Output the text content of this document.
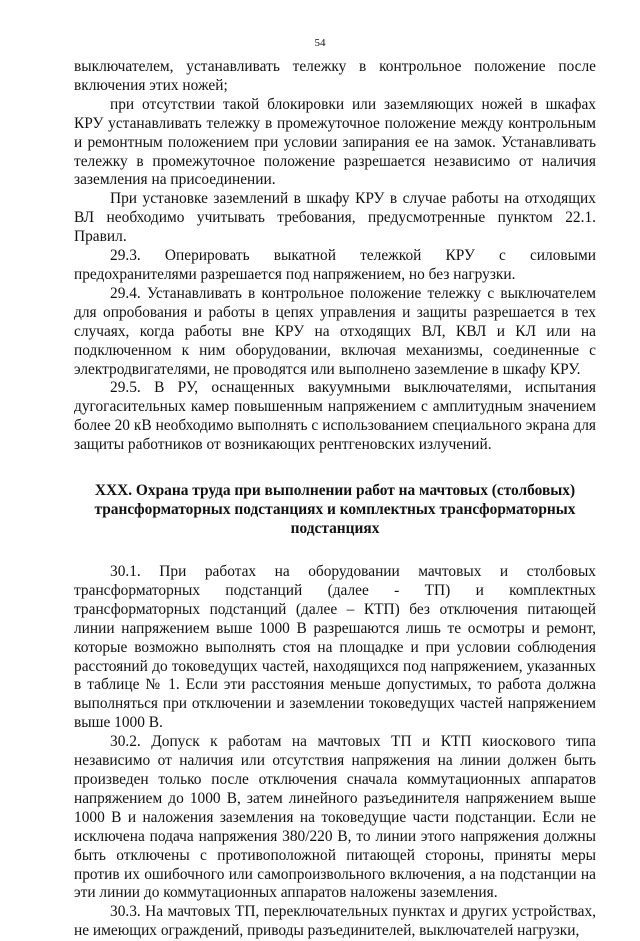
54

выключателем, устанавливать тележку в контрольное положение после включения этих ножей;

при отсутствии такой блокировки или заземляющих ножей в шкафах КРУ устанавливать тележку в промежуточное положение между контрольным и ремонтным положением при условии запирания ее на замок. Устанавливать тележку в промежуточное положение разрешается независимо от наличия заземления на присоединении.

При установке заземлений в шкафу КРУ в случае работы на отходящих ВЛ необходимо учитывать требования, предусмотренные пунктом 22.1. Правил.

29.3. Оперировать выкатной тележкой КРУ с силовыми предохранителями разрешается под напряжением, но без нагрузки.

29.4. Устанавливать в контрольное положение тележку с выключателем для опробования и работы в цепях управления и защиты разрешается в тех случаях, когда работы вне КРУ на отходящих ВЛ, КВЛ и КЛ или на подключенном к ним оборудовании, включая механизмы, соединенные с электродвигателями, не проводятся или выполнено заземление в шкафу КРУ.

29.5. В РУ, оснащенных вакуумными выключателями, испытания дугогасительных камер повышенным напряжением с амплитудным значением более 20 кВ необходимо выполнять с использованием специального экрана для защиты работников от возникающих рентгеновских излучений.

XXX. Охрана труда при выполнении работ на мачтовых (столбовых) трансформаторных подстанциях и комплектных трансформаторных подстанциях

30.1. При работах на оборудовании мачтовых и столбовых трансформаторных подстанций (далее - ТП) и комплектных трансформаторных подстанций (далее – КТП) без отключения питающей линии напряжением выше 1000 В разрешаются лишь те осмотры и ремонт, которые возможно выполнять стоя на площадке и при условии соблюдения расстояний до токоведущих частей, находящихся под напряжением, указанных в таблице № 1. Если эти расстояния меньше допустимых, то работа должна выполняться при отключении и заземлении токоведущих частей напряжением выше 1000 В.

30.2. Допуск к работам на мачтовых ТП и КТП киоскового типа независимо от наличия или отсутствия напряжения на линии должен быть произведен только после отключения сначала коммутационных аппаратов напряжением до 1000 В, затем линейного разъединителя напряжением выше 1000 В и наложения заземления на токоведущие части подстанции. Если не исключена подача напряжения 380/220 В, то линии этого напряжения должны быть отключены с противоположной питающей стороны, приняты меры против их ошибочного или самопроизвольного включения, а на подстанции на эти линии до коммутационных аппаратов наложены заземления.

30.3. На мачтовых ТП, переключательных пунктах и других устройствах, не имеющих ограждений, приводы разъединителей, выключателей нагрузки,
